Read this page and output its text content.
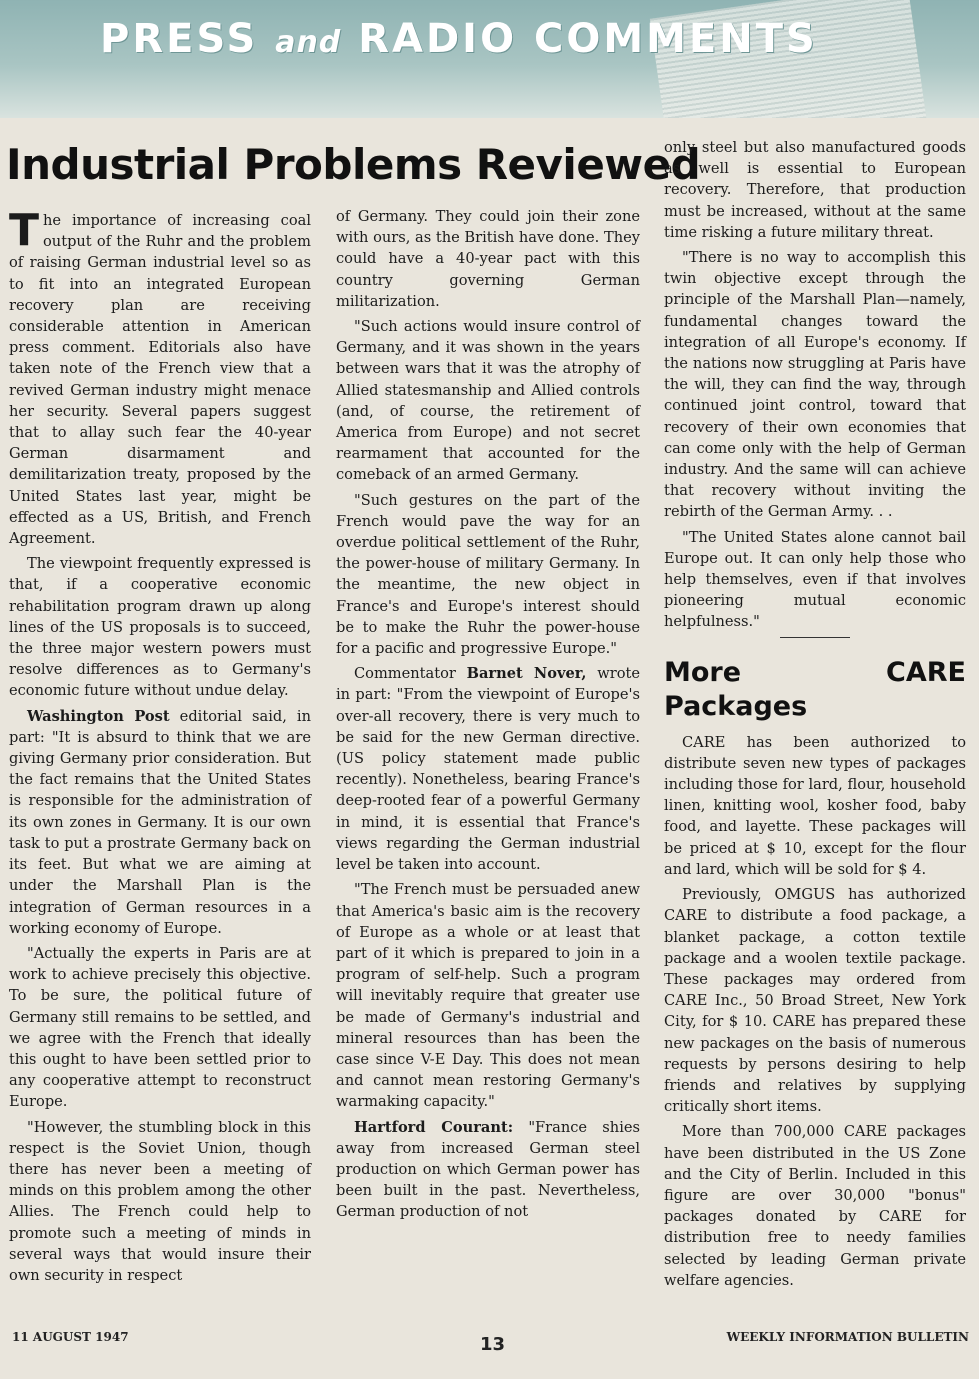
PRESS and RADIO COMMENTS
Industrial Problems Reviewed

The importance of increasing coal output of the Ruhr and the problem of raising German industrial level so as to fit into an integrated European recovery plan are receiving considerable attention in American press comment. Editorials also have taken note of the French view that a revived German industry might menace her security. Several papers suggest that to allay such fear the 40-year German disarmament and demilitarization treaty, proposed by the United States last year, might be effected as a US, British, and French Agreement.

The viewpoint frequently expressed is that, if a cooperative economic rehabilitation program drawn up along lines of the US proposals is to succeed, the three major western powers must resolve differences as to Germany's economic future without undue delay.

Washington Post editorial said, in part: "It is absurd to think that we are giving Germany prior consideration. But the fact remains that the United States is responsible for the administration of its own zones in Germany. It is our own task to put a prostrate Germany back on its feet. But what we are aiming at under the Marshall Plan is the integration of German resources in a working economy of Europe.

"Actually the experts in Paris are at work to achieve precisely this objective. To be sure, the political future of Germany still remains to be settled, and we agree with the French that ideally this ought to have been settled prior to any cooperative attempt to reconstruct Europe.

"However, the stumbling block in this respect is the Soviet Union, though there has never been a meeting of minds on this problem among the other Allies. The French could help to promote such a meeting of minds in several ways that would insure their own security in respect

of Germany. They could join their zone with ours, as the British have done. They could have a 40-year pact with this country governing German militarization.

"Such actions would insure control of Germany, and it was shown in the years between wars that it was the atrophy of Allied statesmanship and Allied controls (and, of course, the retirement of America from Europe) and not secret rearmament that accounted for the comeback of an armed Germany.

"Such gestures on the part of the French would pave the way for an overdue political settlement of the Ruhr, the power-house of military Germany. In the meantime, the new object in France's and Europe's interest should be to make the Ruhr the power-house for a pacific and progressive Europe."

Commentator Barnet Nover, wrote in part: "From the viewpoint of Europe's over-all recovery, there is very much to be said for the new German directive. (US policy statement made public recently). Nonetheless, bearing France's deep-rooted fear of a powerful Germany in mind, it is essential that France's views regarding the German industrial level be taken into account.

"The French must be persuaded anew that America's basic aim is the recovery of Europe as a whole or at least that part of it which is prepared to join in a program of self-help. Such a program will inevitably require that greater use be made of Germany's industrial and mineral resources than has been the case since V-E Day. This does not mean and cannot mean restoring Germany's warmaking capacity."

Hartford Courant: "France shies away from increased German steel production on which German power has been built in the past. Nevertheless, German production of not

only steel but also manufactured goods as well is essential to European recovery. Therefore, that production must be increased, without at the same time risking a future military threat.

"There is no way to accomplish this twin objective except through the principle of the Marshall Plan—namely, fundamental changes toward the integration of all Europe's economy. If the nations now struggling at Paris have the will, they can find the way, through continued joint control, toward that recovery of their own economies that can come only with the help of German industry. And the same will can achieve that recovery without inviting the rebirth of the German Army. . .

"The United States alone cannot bail Europe out. It can only help those who help themselves, even if that involves pioneering mutual economic helpfulness."

More CARE Packages

CARE has been authorized to distribute seven new types of packages including those for lard, flour, household linen, knitting wool, kosher food, baby food, and layette. These packages will be priced at $ 10, except for the flour and lard, which will be sold for $ 4.

Previously, OMGUS has authorized CARE to distribute a food package, a blanket package, a cotton textile package and a woolen textile package. These packages may ordered from CARE Inc., 50 Broad Street, New York City, for $ 10. CARE has prepared these new packages on the basis of numerous requests by persons desiring to help friends and relatives by supplying critically short items.

More than 700,000 CARE packages have been distributed in the US Zone and the City of Berlin. Included in this figure are over 30,000 "bonus" packages donated by CARE for distribution free to needy families selected by leading German private welfare agencies.

11 AUGUST 1947	13	WEEKLY INFORMATION BULLETIN
